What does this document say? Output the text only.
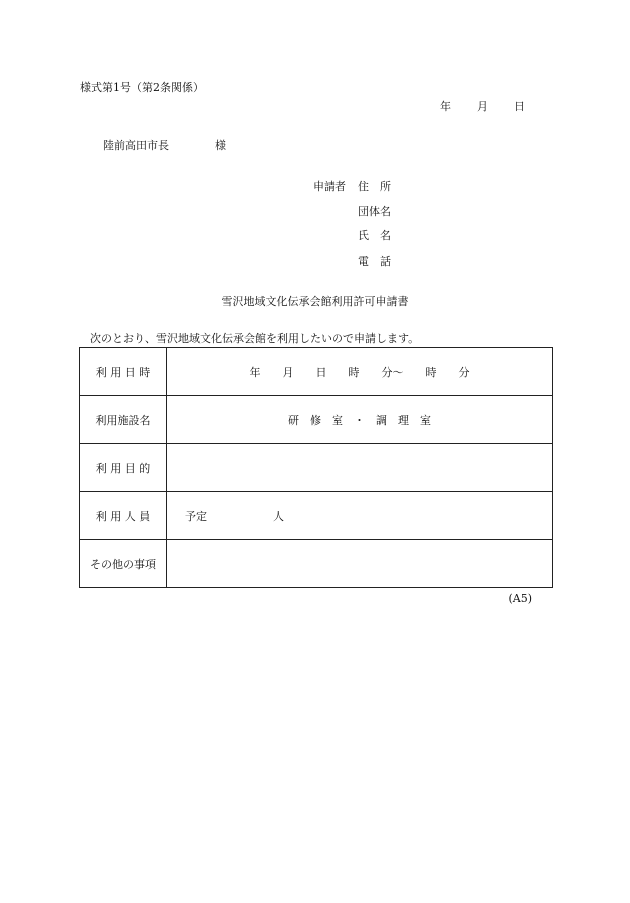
様式第1号（第2条関係）
年 月 日
陸前高田市長	様
申請者 住　所
団体名
氏　名
電　話
雪沢地域文化伝承会館利用許可申請書
次のとおり、雪沢地域文化伝承会館を利用したいので申請します。
利 用 日 時	年　　月　　日　　時　　分～　　時　　分
利用施設名	研　修　室　・　調　理　室
利 用 目 的	
利 用 人 員	予定 人
その他の事項	
(A5)
